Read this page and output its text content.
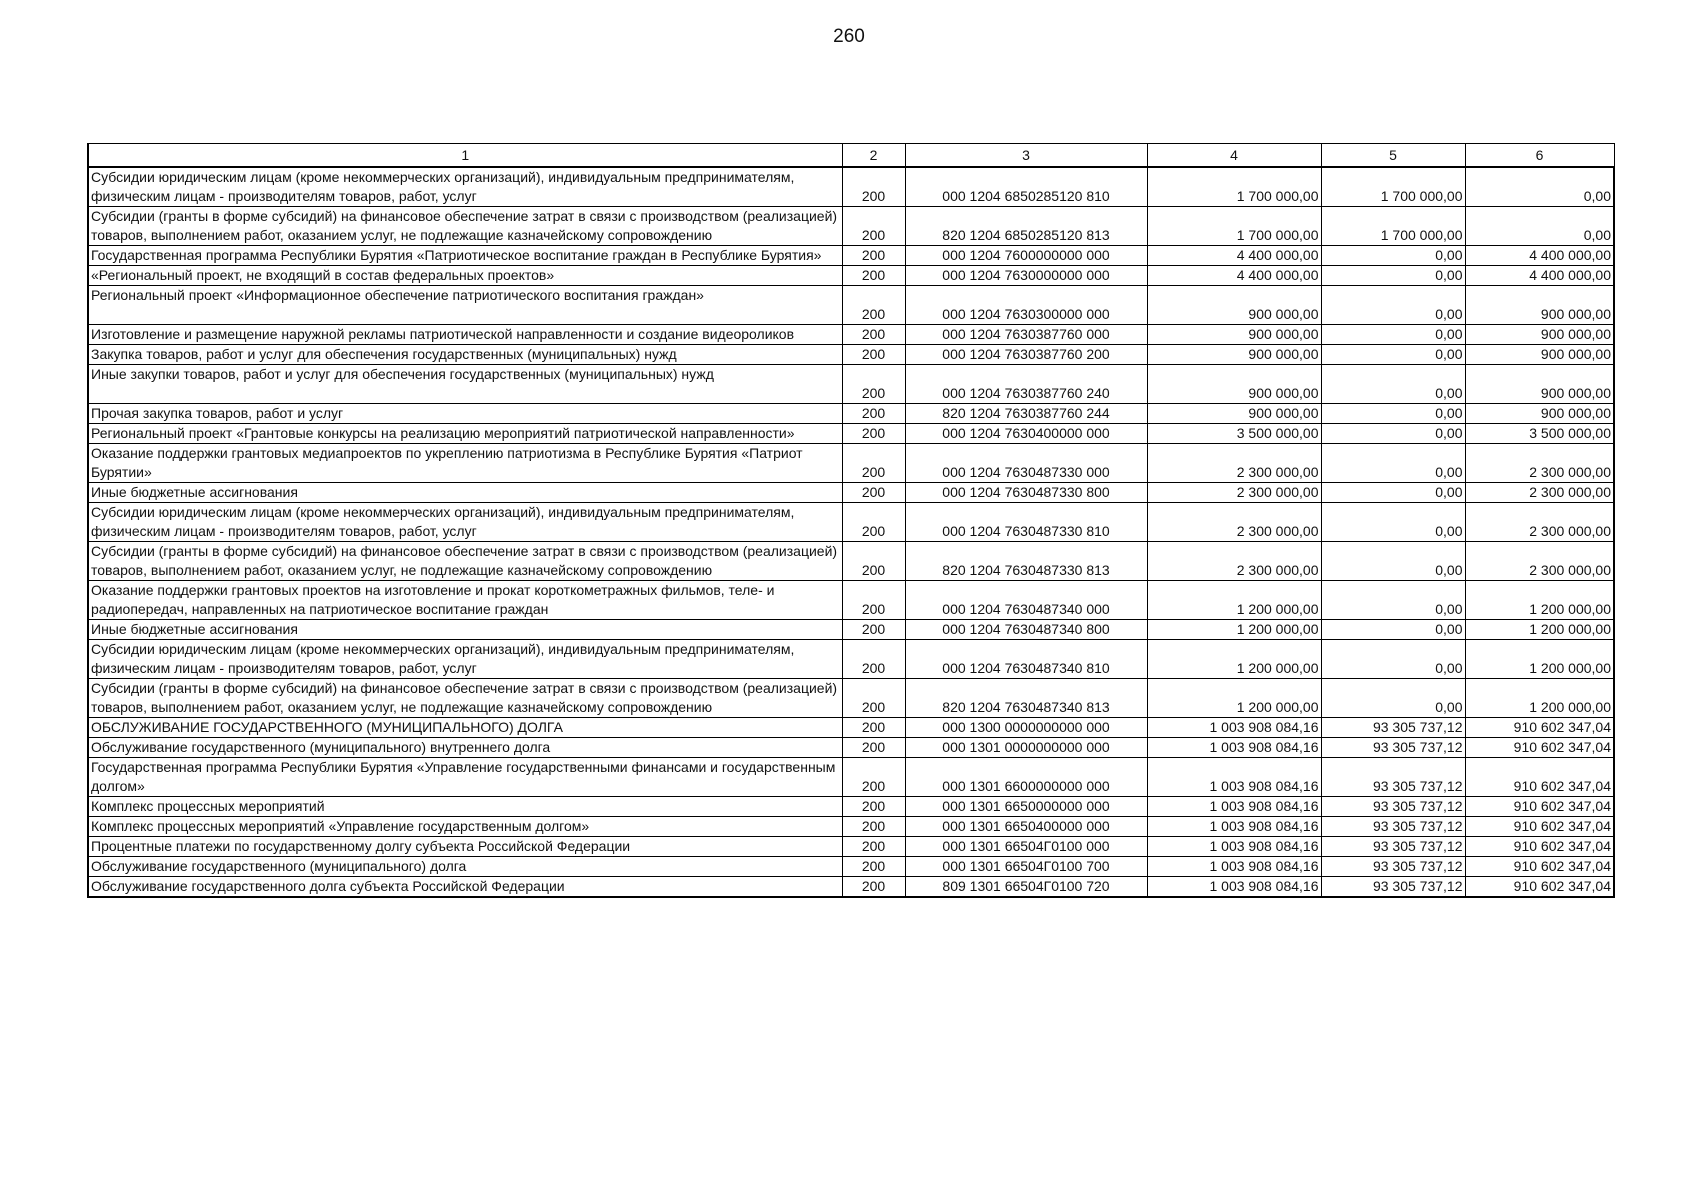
260
1	2	3	4	5	6
Субсидии юридическим лицам (кроме некоммерческих организаций), индивидуальным предпринимателям, физическим лицам - производителям товаров, работ, услуг	200	000 1204 6850285120 810	1 700 000,00	1 700 000,00	0,00
Субсидии (гранты в форме субсидий) на финансовое обеспечение затрат в связи с производством (реализацией) товаров, выполнением работ, оказанием услуг, не подлежащие казначейскому сопровождению	200	820 1204 6850285120 813	1 700 000,00	1 700 000,00	0,00
Государственная программа Республики Бурятия «Патриотическое воспитание граждан в Республике Бурятия»	200	000 1204 7600000000 000	4 400 000,00	0,00	4 400 000,00
«Региональный проект, не входящий в состав федеральных проектов»	200	000 1204 7630000000 000	4 400 000,00	0,00	4 400 000,00
Региональный проект «Информационное обеспечение патриотического воспитания граждан»	200	000 1204 7630300000 000	900 000,00	0,00	900 000,00
Изготовление и размещение наружной рекламы патриотической направленности и создание видеороликов	200	000 1204 7630387760 000	900 000,00	0,00	900 000,00
Закупка товаров, работ и услуг для обеспечения государственных (муниципальных) нужд	200	000 1204 7630387760 200	900 000,00	0,00	900 000,00
Иные закупки товаров, работ и услуг для обеспечения государственных (муниципальных) нужд	200	000 1204 7630387760 240	900 000,00	0,00	900 000,00
Прочая закупка товаров, работ и услуг	200	820 1204 7630387760 244	900 000,00	0,00	900 000,00
Региональный проект «Грантовые конкурсы на реализацию мероприятий патриотической направленности»	200	000 1204 7630400000 000	3 500 000,00	0,00	3 500 000,00
Оказание поддержки грантовых медиапроектов по укреплению патриотизма в Республике Бурятия «Патриот Бурятии»	200	000 1204 7630487330 000	2 300 000,00	0,00	2 300 000,00
Иные бюджетные ассигнования	200	000 1204 7630487330 800	2 300 000,00	0,00	2 300 000,00
Субсидии юридическим лицам (кроме некоммерческих организаций), индивидуальным предпринимателям, физическим лицам - производителям товаров, работ, услуг	200	000 1204 7630487330 810	2 300 000,00	0,00	2 300 000,00
Субсидии (гранты в форме субсидий) на финансовое обеспечение затрат в связи с производством (реализацией) товаров, выполнением работ, оказанием услуг, не подлежащие казначейскому сопровождению	200	820 1204 7630487330 813	2 300 000,00	0,00	2 300 000,00
Оказание поддержки грантовых проектов на изготовление и прокат короткометражных фильмов, теле- и радиопередач, направленных на патриотическое воспитание граждан	200	000 1204 7630487340 000	1 200 000,00	0,00	1 200 000,00
Иные бюджетные ассигнования	200	000 1204 7630487340 800	1 200 000,00	0,00	1 200 000,00
Субсидии юридическим лицам (кроме некоммерческих организаций), индивидуальным предпринимателям, физическим лицам - производителям товаров, работ, услуг	200	000 1204 7630487340 810	1 200 000,00	0,00	1 200 000,00
Субсидии (гранты в форме субсидий) на финансовое обеспечение затрат в связи с производством (реализацией) товаров, выполнением работ, оказанием услуг, не подлежащие казначейскому сопровождению	200	820 1204 7630487340 813	1 200 000,00	0,00	1 200 000,00
ОБСЛУЖИВАНИЕ ГОСУДАРСТВЕННОГО (МУНИЦИПАЛЬНОГО) ДОЛГА	200	000 1300 0000000000 000	1 003 908 084,16	93 305 737,12	910 602 347,04
Обслуживание государственного (муниципального) внутреннего долга	200	000 1301 0000000000 000	1 003 908 084,16	93 305 737,12	910 602 347,04
Государственная программа Республики Бурятия «Управление государственными финансами и государственным долгом»	200	000 1301 6600000000 000	1 003 908 084,16	93 305 737,12	910 602 347,04
Комплекс процессных мероприятий	200	000 1301 6650000000 000	1 003 908 084,16	93 305 737,12	910 602 347,04
Комплекс процессных мероприятий «Управление государственным долгом»	200	000 1301 6650400000 000	1 003 908 084,16	93 305 737,12	910 602 347,04
Процентные платежи по государственному долгу субъекта Российской Федерации	200	000 1301 66504Г0100 000	1 003 908 084,16	93 305 737,12	910 602 347,04
Обслуживание государственного (муниципального) долга	200	000 1301 66504Г0100 700	1 003 908 084,16	93 305 737,12	910 602 347,04
Обслуживание государственного долга субъекта Российской Федерации	200	809 1301 66504Г0100 720	1 003 908 084,16	93 305 737,12	910 602 347,04
